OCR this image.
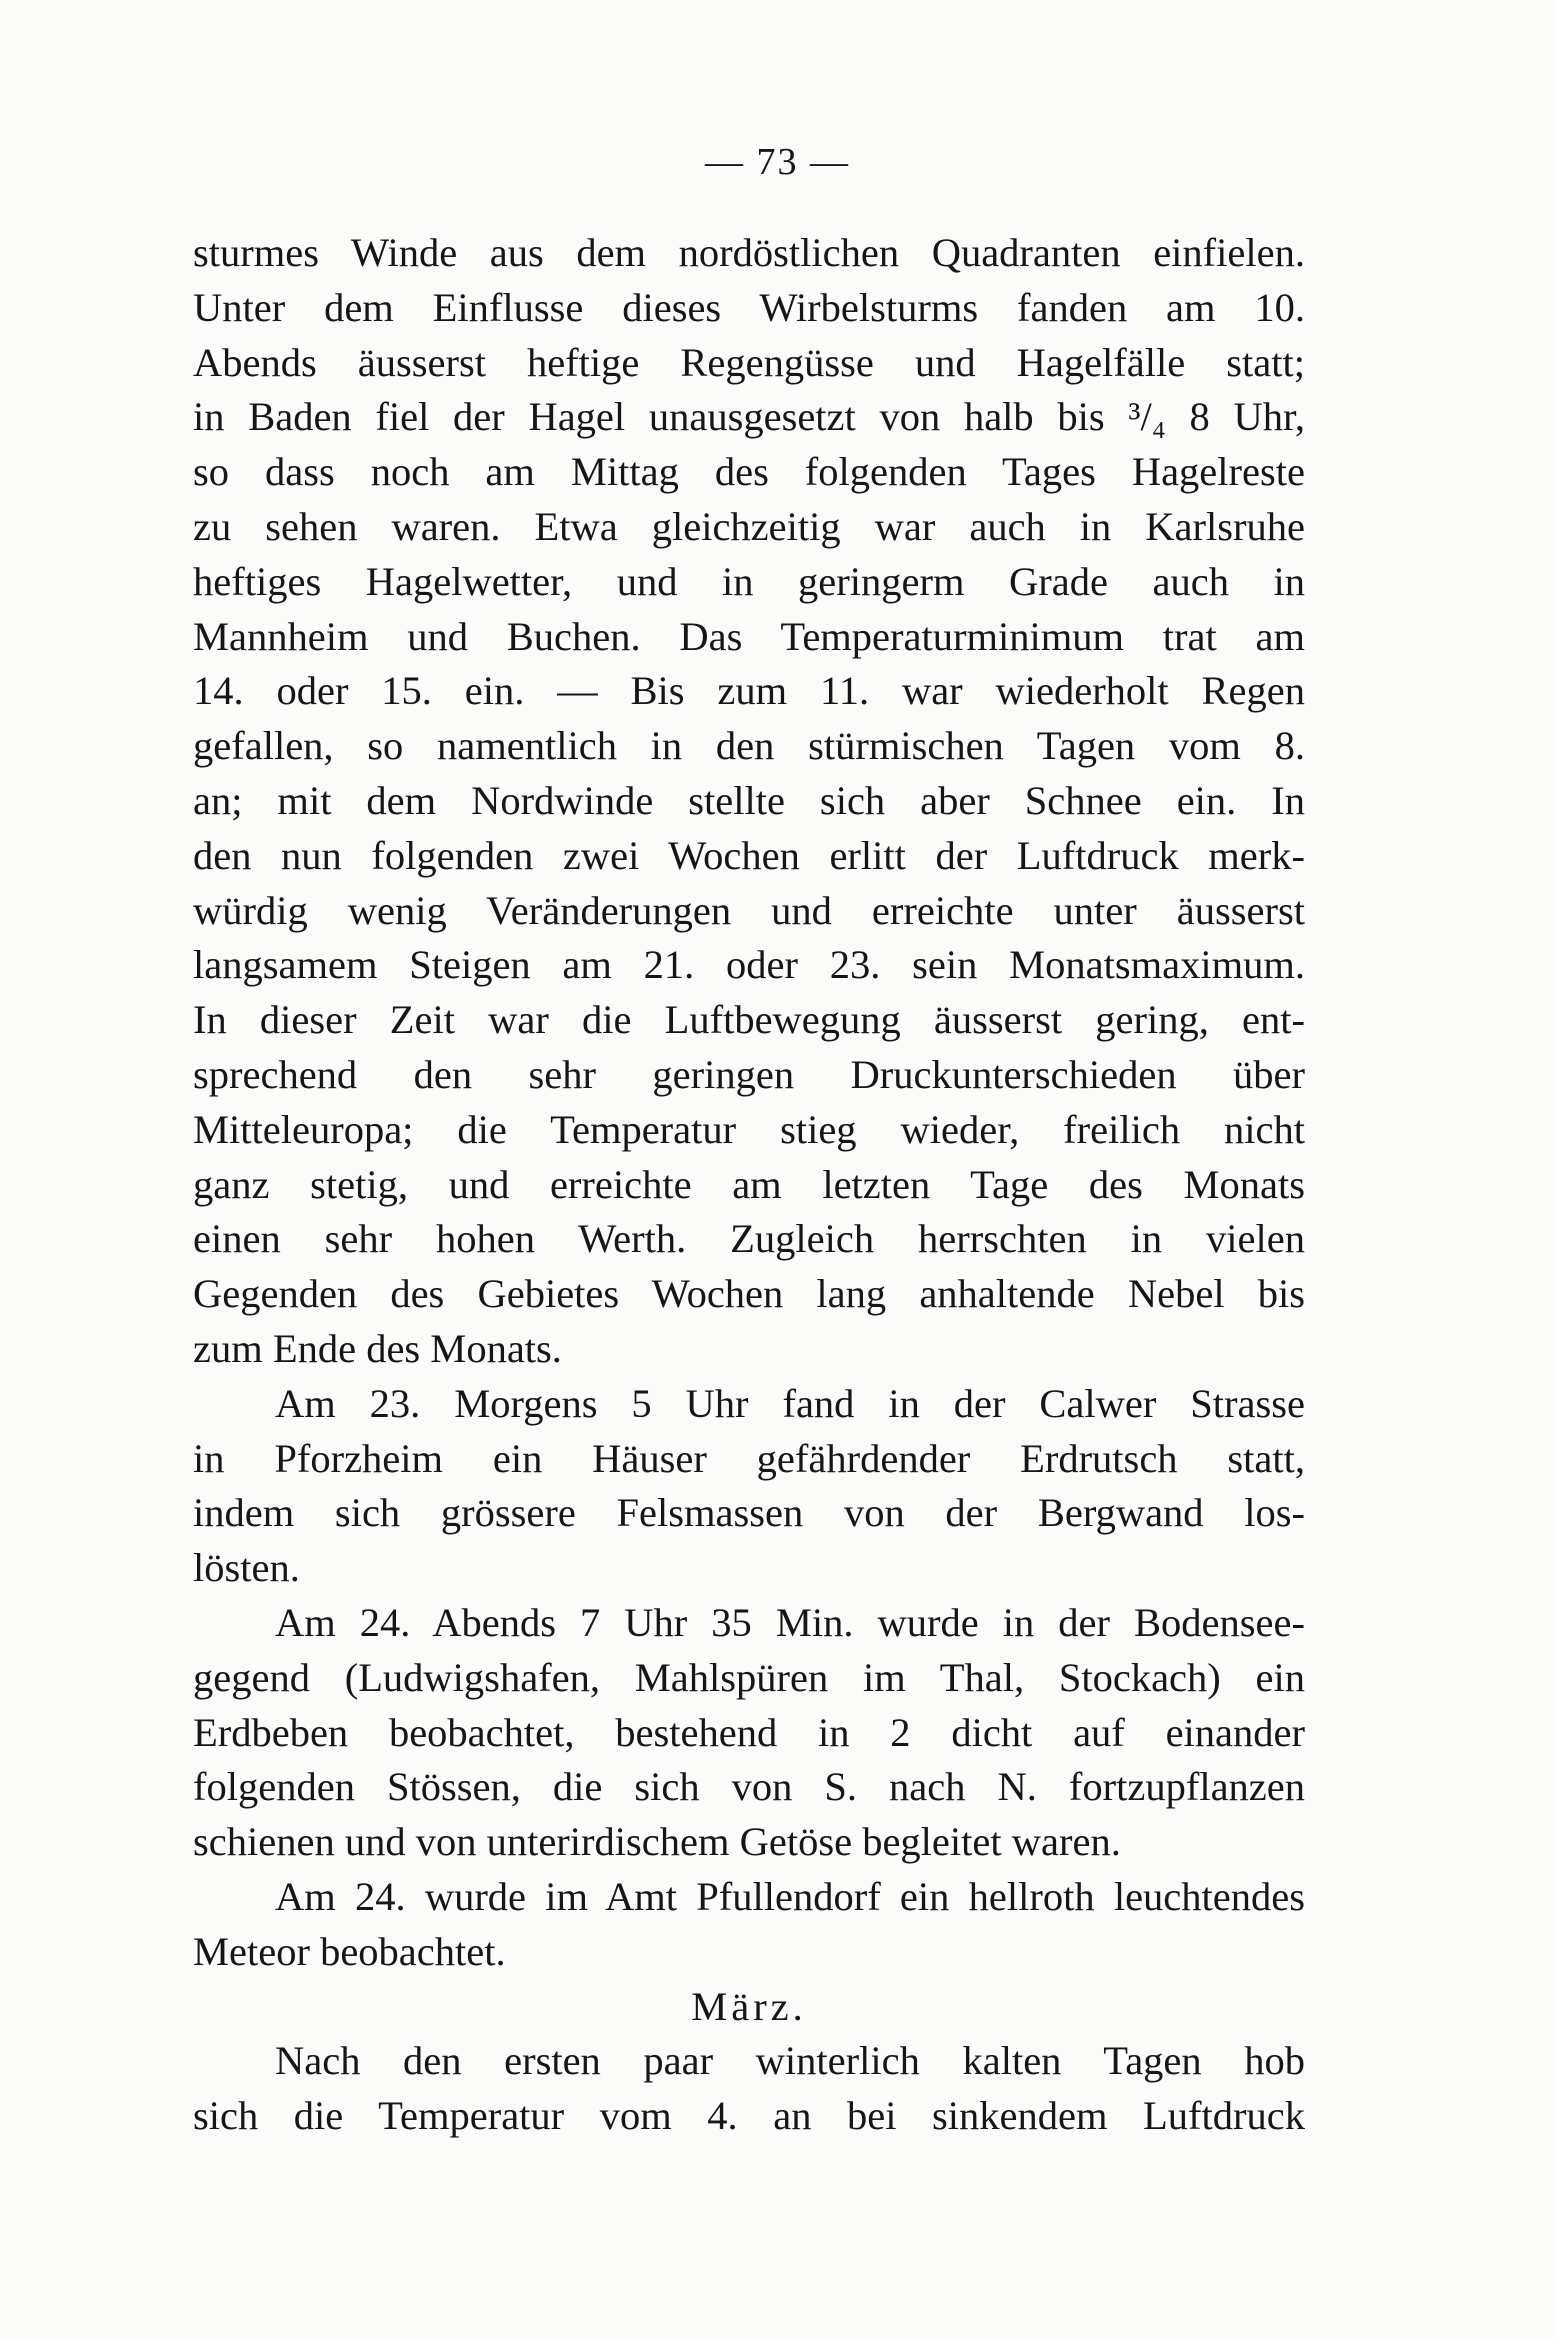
— 73 —
sturmes Winde aus dem nordöstlichen Quadranten einfielen.
Unter dem Einflusse dieses Wirbelsturms fanden am 10.
Abends äusserst heftige Regengüsse und Hagelfälle statt;
in Baden fiel der Hagel unausgesetzt von halb bis ³/₄ 8 Uhr,
so dass noch am Mittag des folgenden Tages Hagelreste
zu sehen waren. Etwa gleichzeitig war auch in Karlsruhe
heftiges Hagelwetter, und in geringerm Grade auch in
Mannheim und Buchen. Das Temperaturminimum trat am
14. oder 15. ein. — Bis zum 11. war wiederholt Regen
gefallen, so namentlich in den stürmischen Tagen vom 8.
an; mit dem Nordwinde stellte sich aber Schnee ein. In
den nun folgenden zwei Wochen erlitt der Luftdruck merk-
würdig wenig Veränderungen und erreichte unter äusserst
langsamem Steigen am 21. oder 23. sein Monatsmaximum.
In dieser Zeit war die Luftbewegung äusserst gering, ent-
sprechend den sehr geringen Druckunterschieden über
Mitteleuropa; die Temperatur stieg wieder, freilich nicht
ganz stetig, und erreichte am letzten Tage des Monats
einen sehr hohen Werth. Zugleich herrschten in vielen
Gegenden des Gebietes Wochen lang anhaltende Nebel bis
zum Ende des Monats.
Am 23. Morgens 5 Uhr fand in der Calwer Strasse
in Pforzheim ein Häuser gefährdender Erdrutsch statt,
indem sich grössere Felsmassen von der Bergwand los-
lösten.
Am 24. Abends 7 Uhr 35 Min. wurde in der Bodensee-
gegend (Ludwigshafen, Mahlspüren im Thal, Stockach) ein
Erdbeben beobachtet, bestehend in 2 dicht auf einander
folgenden Stössen, die sich von S. nach N. fortzupflanzen
schienen und von unterirdischem Getöse begleitet waren.
Am 24. wurde im Amt Pfullendorf ein hellroth leuchtendes
Meteor beobachtet.
März.
Nach den ersten paar winterlich kalten Tagen hob
sich die Temperatur vom 4. an bei sinkendem Luftdruck
